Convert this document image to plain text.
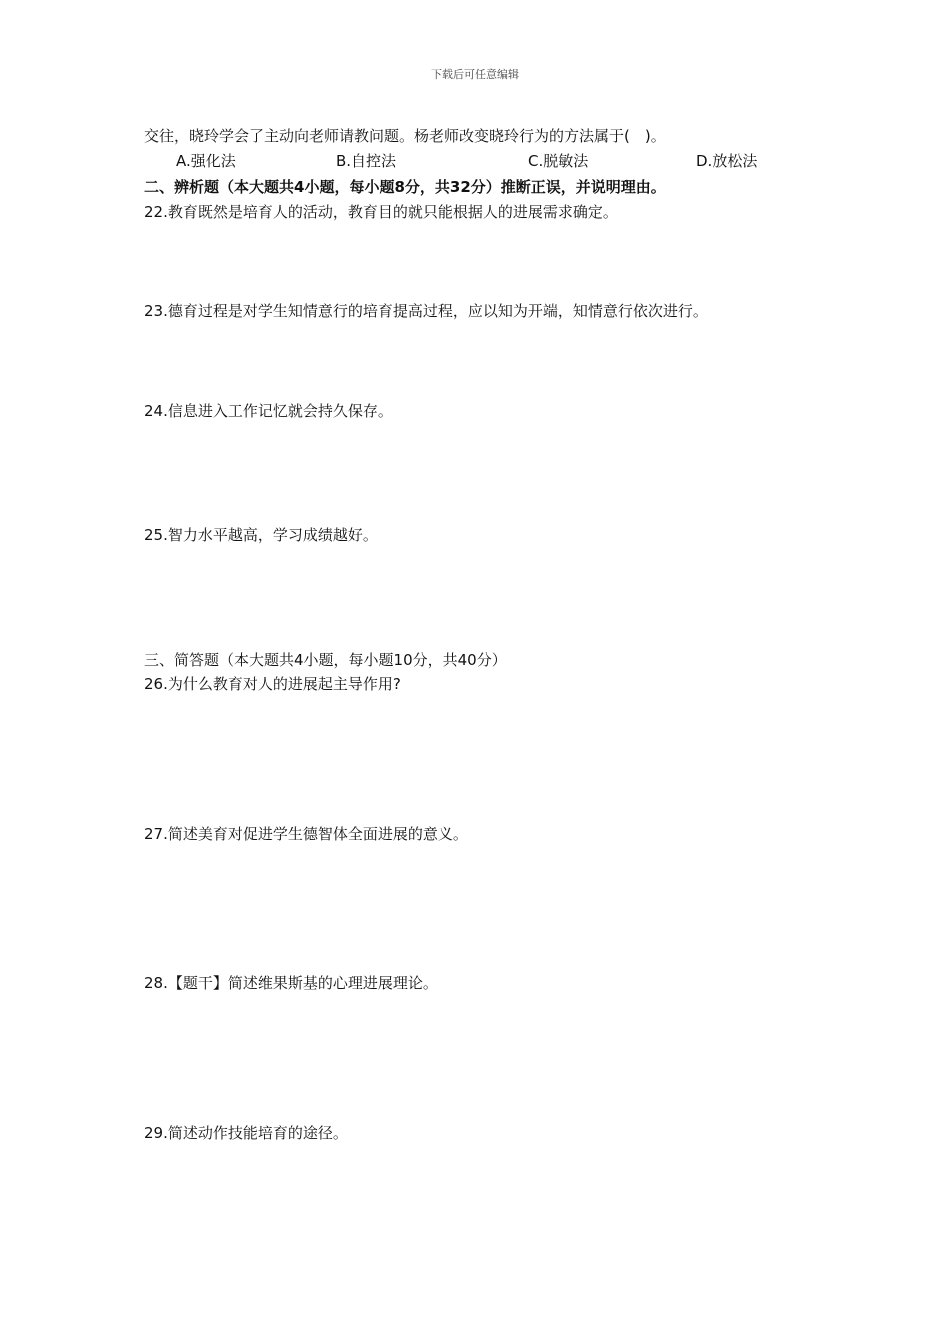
下载后可任意编辑
交往，晓玲学会了主动向老师请教问题。杨老师改变晓玲行为的方法属于(　)。
A.强化法	B.自控法	C.脱敏法	D.放松法
二、辨析题（本大题共4小题，每小题8分，共32分）推断正误，并说明理由。
22.教育既然是培育人的活动，教育目的就只能根据人的进展需求确定。
23.德育过程是对学生知情意行的培育提高过程，应以知为开端，知情意行依次进行。
24.信息进入工作记忆就会持久保存。
25.智力水平越高，学习成绩越好。
三、简答题（本大题共4小题，每小题10分，共40分）
26.为什么教育对人的进展起主导作用?
27.简述美育对促进学生德智体全面进展的意义。
28.【题干】简述维果斯基的心理进展理论。
29.简述动作技能培育的途径。
